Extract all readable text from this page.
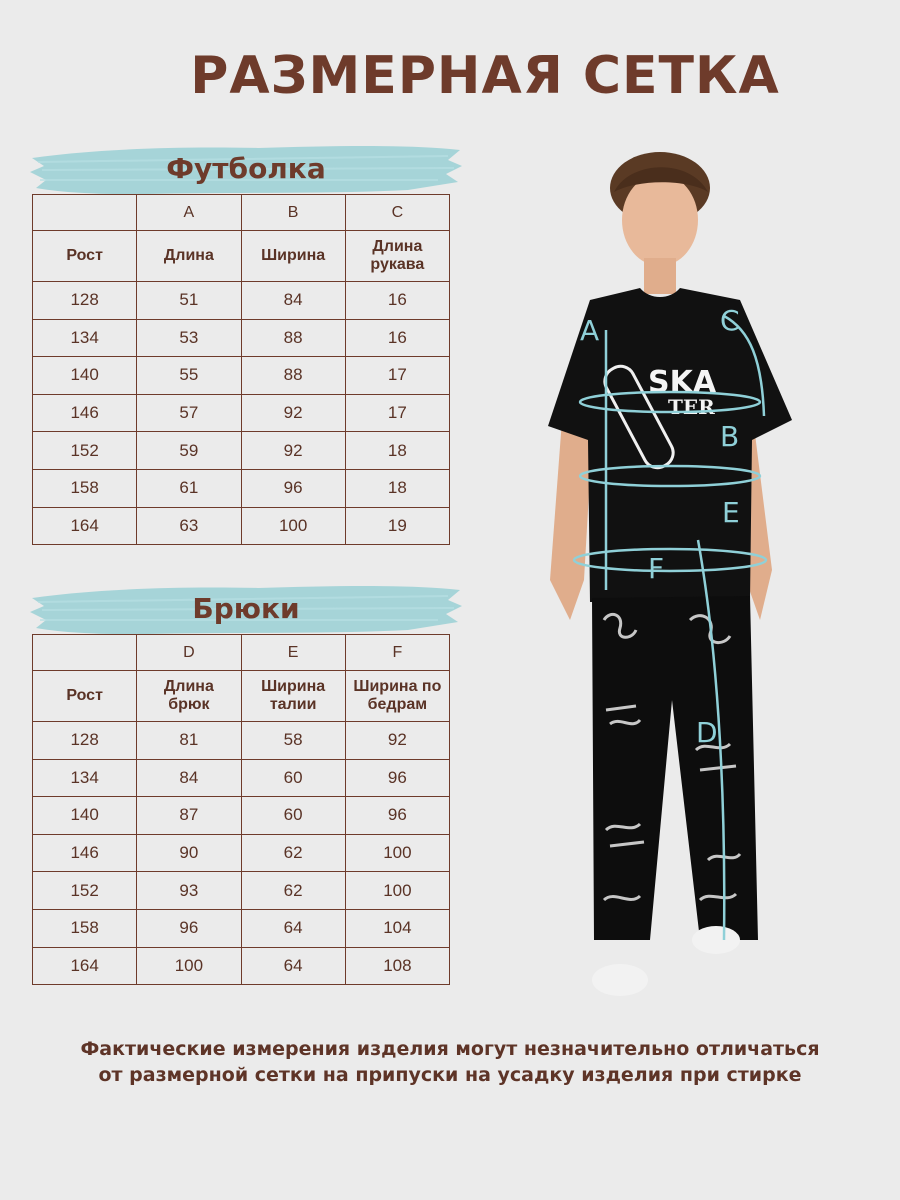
РАЗМЕРНАЯ СЕТКА
Футболка
	A	B	C
Рост	Длина	Ширина	Длина рукава
128	51	84	16
134	53	88	16
140	55	88	17
146	57	92	17
152	59	92	18
158	61	96	18
164	63	100	19
Брюки
	D	E	F
Рост	Длина брюк	Ширина талии	Ширина по бедрам
128	81	58	92
134	84	60	96
140	87	60	96
146	90	62	100
152	93	62	100
158	96	64	104
164	100	64	108
SKA
TER
A	C
B
E
F
D

Фактические измерения изделия могут незначительно отличаться от размерной сетки на припуски на усадку изделия при стирке
